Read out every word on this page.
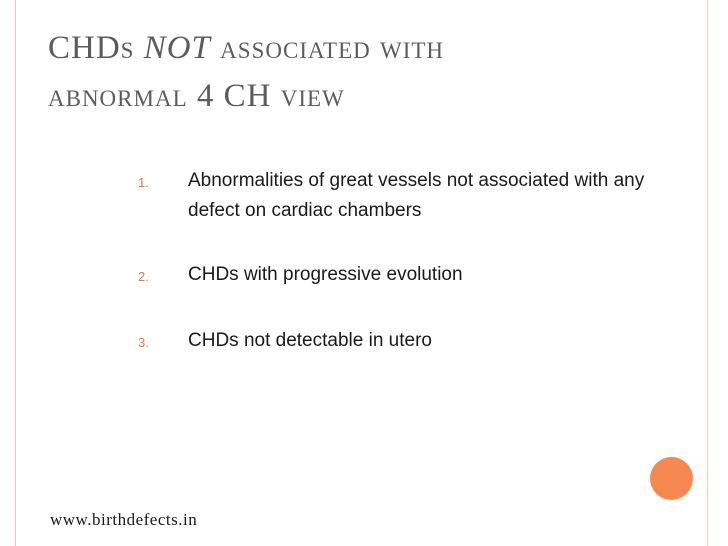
CHDs NOT associated with
abnormal 4 CH view
1.	Abnormalities of great vessels not associated with any defect on cardiac chambers
2.	CHDs with progressive evolution
3.	CHDs not detectable in utero
www.birthdefects.in
